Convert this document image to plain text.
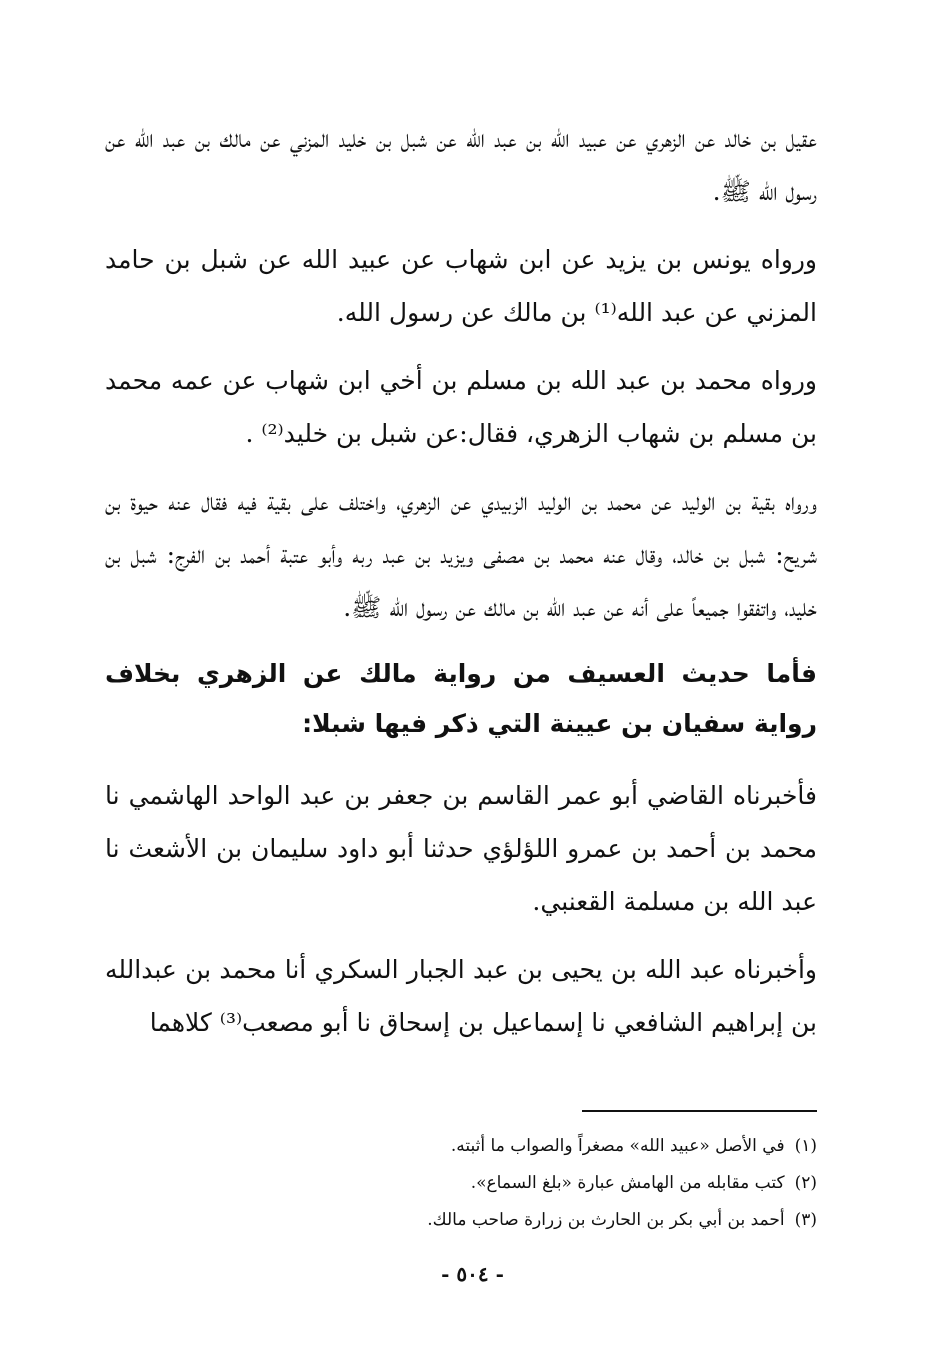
عقيل بن خالد عن الزهري عن عبيد الله بن عبد الله عن شبل بن خليد المزني عن مالك بن عبد الله عن رسول الله ﷺ.

ورواه يونس بن يزيد عن ابن شهاب عن عبيد الله عن شبل بن حامد المزني عن عبد الله⁽¹⁾ بن مالك عن رسول الله.

ورواه محمد بن عبد الله بن مسلم بن أخي ابن شهاب عن عمه محمد بن مسلم بن شهاب الزهري، فقال:عن شبل بن خليد⁽²⁾ .

ورواه بقية بن الوليد عن محمد بن الوليد الزبيدي عن الزهري، واختلف على بقية فيه فقال عنه حيوة بن شريح: شبل بن خالد، وقال عنه محمد بن مصفى ويزيد بن عبد ربه وأبو عتبة أحمد بن الفرج: شبل بن خليد، واتفقوا جميعاً على أنه عن عبد الله بن مالك عن رسول الله ﷺ.

فأما حديث العسيف من رواية مالك عن الزهري بخلاف رواية سفيان بن عيينة التي ذكر فيها شبلا:

فأخبرناه القاضي أبو عمر القاسم بن جعفر بن عبد الواحد الهاشمي نا محمد بن أحمد بن عمرو اللؤلؤي حدثنا أبو داود سليمان بن الأشعث نا عبد الله بن مسلمة القعنبي.

وأخبرناه عبد الله بن يحيى بن عبد الجبار السكري أنا محمد بن عبدالله بن إبراهيم الشافعي نا إسماعيل بن إسحاق نا أبو مصعب⁽³⁾ كلاهما

(١)في الأصل «عبيد الله» مصغراً والصواب ما أثبته.

(٢)كتب مقابله من الهامش عبارة «بلغ السماع».

(٣)أحمد بن أبي بكر بن الحارث بن زرارة صاحب مالك.

- ٥٠٤ -
